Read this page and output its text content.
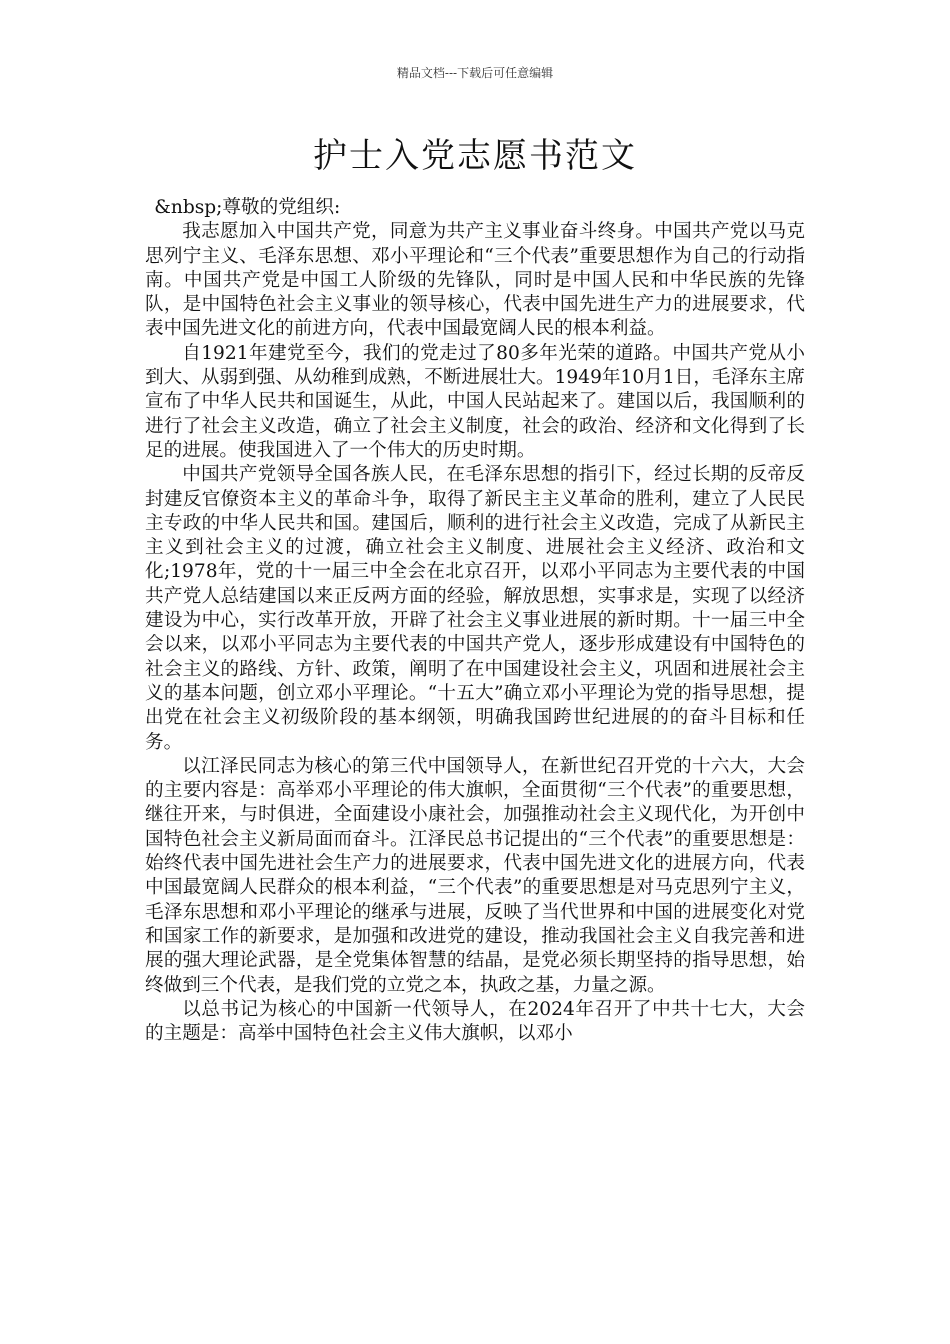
精品文档---下载后可任意编辑
护士入党志愿书范文

&nbsp;尊敬的党组织:

我志愿加入中国共产党，同意为共产主义事业奋斗终身。中国共产党以马克思列宁主义、毛泽东思想、邓小平理论和“三个代表”重要思想作为自己的行动指南。中国共产党是中国工人阶级的先锋队，同时是中国人民和中华民族的先锋队，是中国特色社会主义事业的领导核心，代表中国先进生产力的进展要求，代表中国先进文化的前进方向，代表中国最宽阔人民的根本利益。

自1921年建党至今，我们的党走过了80多年光荣的道路。中国共产党从小到大、从弱到强、从幼稚到成熟，不断进展壮大。1949年10月1日，毛泽东主席宣布了中华人民共和国诞生，从此，中国人民站起来了。建国以后，我国顺利的进行了社会主义改造，确立了社会主义制度，社会的政治、经济和文化得到了长足的进展。使我国进入了一个伟大的历史时期。

中国共产党领导全国各族人民，在毛泽东思想的指引下，经过长期的反帝反封建反官僚资本主义的革命斗争，取得了新民主主义革命的胜利，建立了人民民主专政的中华人民共和国。建国后，顺利的进行社会主义改造，完成了从新民主主义到社会主义的过渡，确立社会主义制度、进展社会主义经济、政治和文化;1978年，党的十一届三中全会在北京召开，以邓小平同志为主要代表的中国共产党人总结建国以来正反两方面的经验，解放思想，实事求是，实现了以经济建设为中心，实行改革开放，开辟了社会主义事业进展的新时期。十一届三中全会以来，以邓小平同志为主要代表的中国共产党人，逐步形成建设有中国特色的社会主义的路线、方针、政策，阐明了在中国建设社会主义，巩固和进展社会主义的基本问题，创立邓小平理论。“十五大”确立邓小平理论为党的指导思想，提出党在社会主义初级阶段的基本纲领，明确我国跨世纪进展的的奋斗目标和任务。

以江泽民同志为核心的第三代中国领导人，在新世纪召开党的十六大，大会的主要内容是：高举邓小平理论的伟大旗帜，全面贯彻“三个代表”的重要思想，继往开来，与时俱进，全面建设小康社会，加强推动社会主义现代化，为开创中国特色社会主义新局面而奋斗。江泽民总书记提出的“三个代表”的重要思想是：始终代表中国先进社会生产力的进展要求，代表中国先进文化的进展方向，代表中国最宽阔人民群众的根本利益，“三个代表”的重要思想是对马克思列宁主义，毛泽东思想和邓小平理论的继承与进展，反映了当代世界和中国的进展变化对党和国家工作的新要求，是加强和改进党的建设，推动我国社会主义自我完善和进展的强大理论武器，是全党集体智慧的结晶，是党必须长期坚持的指导思想，始终做到三个代表，是我们党的立党之本，执政之基，力量之源。

以总书记为核心的中国新一代领导人，在2024年召开了中共十七大，大会的主题是：高举中国特色社会主义伟大旗帜，以邓小
